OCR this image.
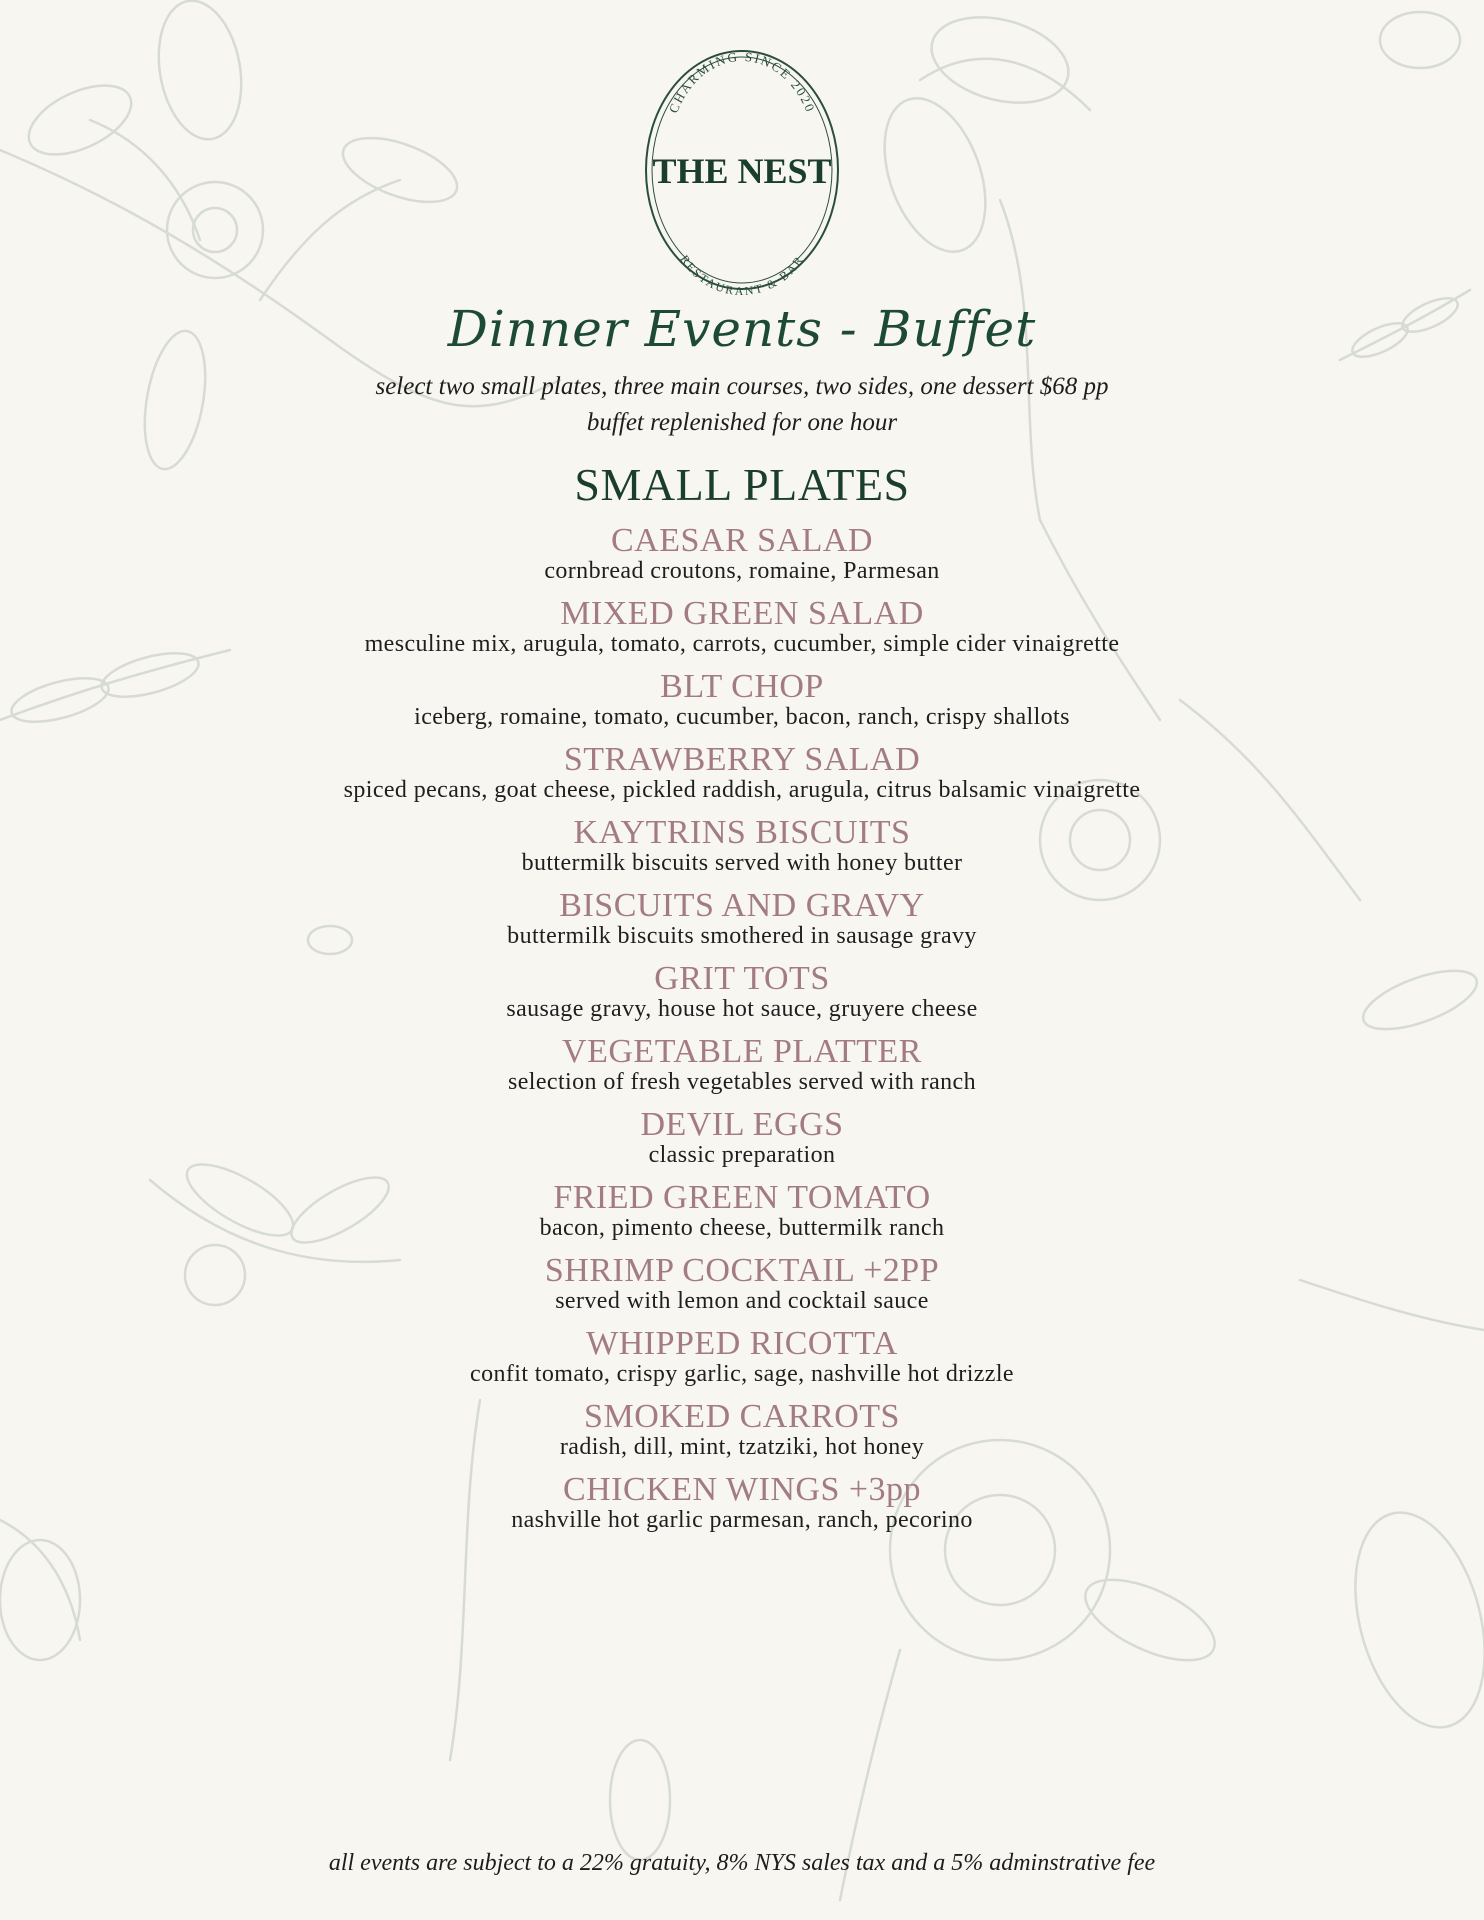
CHARMING SINCE 2020
THE NEST
RESTAURANT & BAR
Dinner Events - Buffet
select two small plates, three main courses, two sides, one dessert $68 pp
buffet replenished for one hour
SMALL PLATES
CAESAR SALAD
cornbread croutons, romaine, Parmesan
MIXED GREEN SALAD
mesculine mix, arugula, tomato, carrots, cucumber, simple cider vinaigrette
BLT CHOP
iceberg, romaine, tomato, cucumber, bacon, ranch, crispy shallots
STRAWBERRY SALAD
spiced pecans, goat cheese, pickled raddish, arugula, citrus balsamic vinaigrette
KAYTRINS BISCUITS
buttermilk biscuits served with honey butter
BISCUITS AND GRAVY
buttermilk biscuits smothered in sausage gravy
GRIT TOTS
sausage gravy, house hot sauce, gruyere cheese
VEGETABLE PLATTER
selection of fresh vegetables served with ranch
DEVIL EGGS
classic preparation
FRIED GREEN TOMATO
bacon, pimento cheese, buttermilk ranch
SHRIMP COCKTAIL +2PP
served with lemon and cocktail sauce
WHIPPED RICOTTA
confit tomato, crispy garlic, sage, nashville hot drizzle
SMOKED CARROTS
radish, dill, mint, tzatziki, hot honey
CHICKEN WINGS +3pp
nashville hot garlic parmesan, ranch, pecorino
all events are subject to a 22% gratuity, 8% NYS sales tax and a 5% adminstrative fee
